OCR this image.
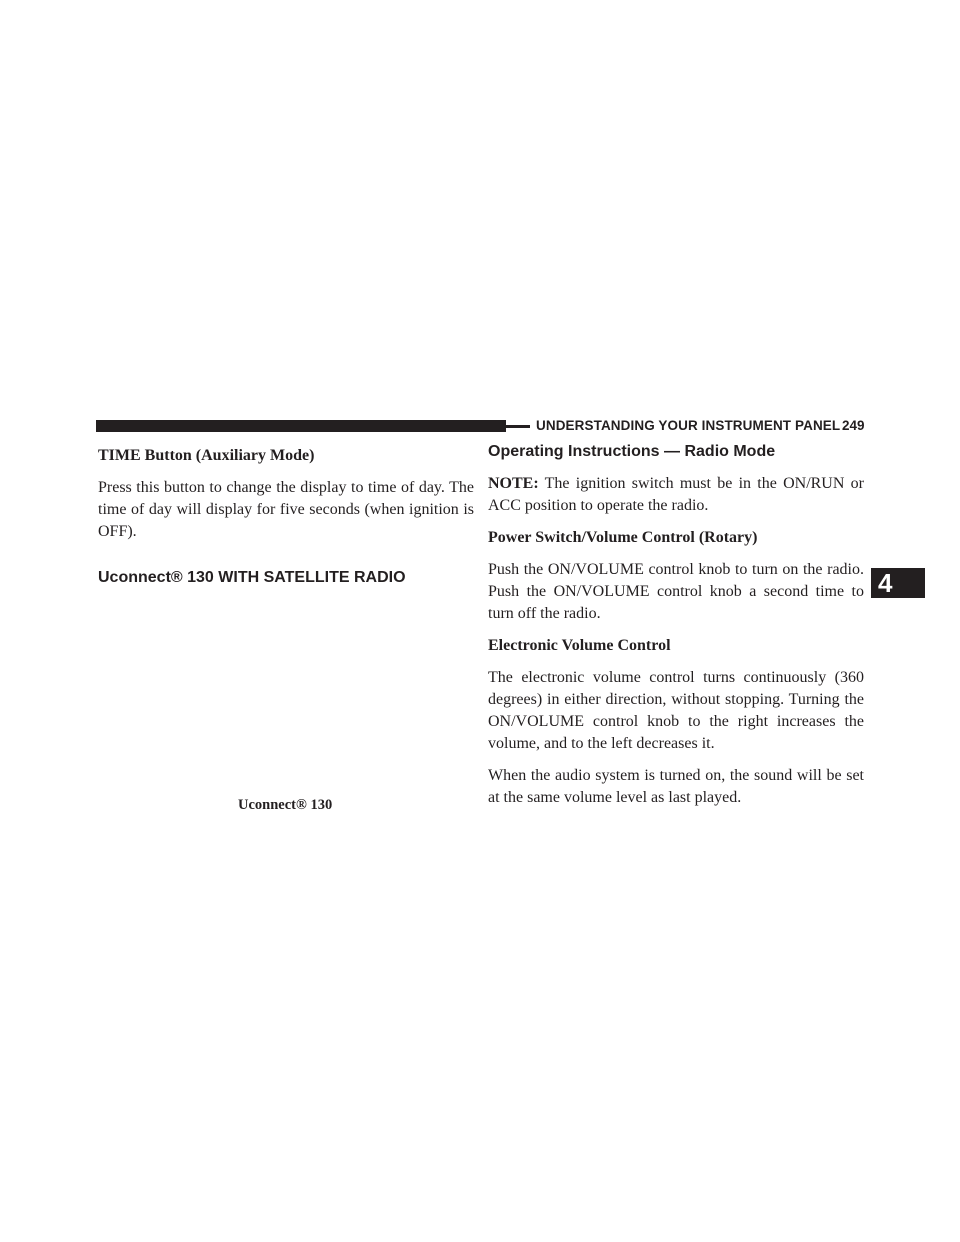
UNDERSTANDING YOUR INSTRUMENT PANEL 249
4

TIME Button (Auxiliary Mode)

Press this button to change the display to time of day. The time of day will display for five seconds (when ignition is OFF).

Uconnect® 130 WITH SATELLITE RADIO

Uconnect® 130

Operating Instructions — Radio Mode

NOTE: The ignition switch must be in the ON/RUN or ACC position to operate the radio.

Power Switch/Volume Control (Rotary)

Push the ON/VOLUME control knob to turn on the radio. Push the ON/VOLUME control knob a second time to turn off the radio.

Electronic Volume Control

The electronic volume control turns continuously (360 degrees) in either direction, without stopping. Turning the ON/VOLUME control knob to the right increases the volume, and to the left decreases it.

When the audio system is turned on, the sound will be set at the same volume level as last played.
